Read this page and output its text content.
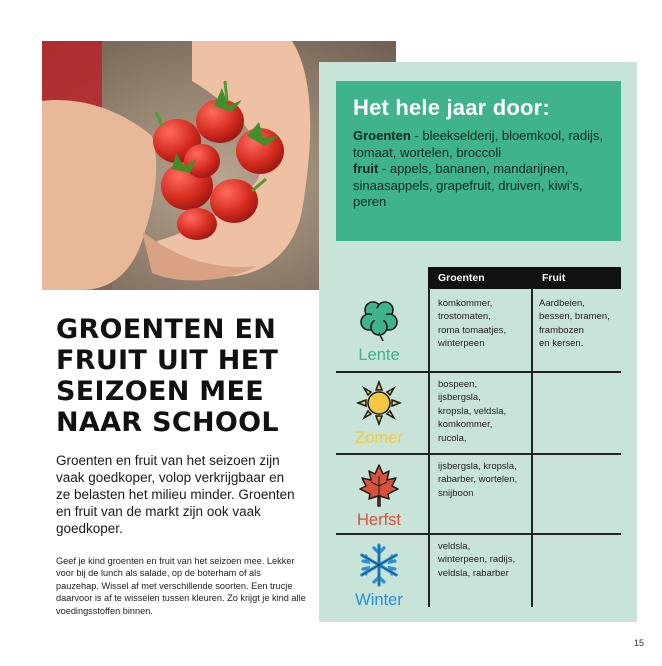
Het hele jaar door:

Groenten - bleekselderij, bloemkool, radijs, tomaat, wortelen, broccoli
fruit - appels, bananen, mandarijnen, sinaasappels, grapefruit, druiven, kiwi’s, peren

GROENTEN EN
FRUIT UIT HET
SEIZOEN MEE
NAAR SCHOOL

Groenten en fruit van het seizoen zijn vaak goedkoper, volop verkrijgbaar en ze belasten het milieu minder. Groenten en fruit van de markt zijn ook vaak goedkoper.

Geef je kind groenten en fruit van het seizoen mee. Lekker voor bij de lunch als salade, op de boterham of als pauzehap. Wissel af met verschillende soorten. Een trucje daarvoor is af te wisselen tussen kleuren. Zo krijgt je kind alle voedingsstoffen binnen.

15
Groenten	Fruit
Lente
komkommer,
trostomaten,
roma tomaatjes,
winterpeen
Aardbeien,
bessen, bramen,
frambozen
en kersen.
Zomer
bospeen,
ijsbergsla,
kropsla, veldsla,
komkommer,
rucola,
Herfst
ijsbergsla, kropsla,
rabarber, wortelen,
snijboon
Winter
veldsla,
winterpeen, radijs,
veldsla, rabarber
